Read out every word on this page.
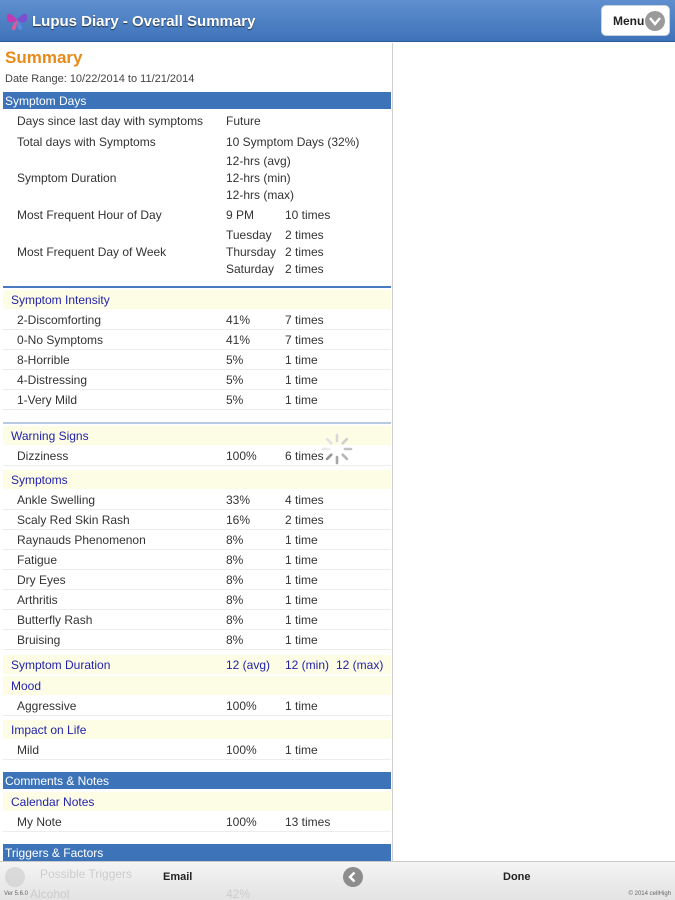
Lupus Diary - Overall Summary	Menu
Summary
Date Range: 10/22/2014 to 11/21/2014
Symptom Days
Days since last day with symptoms Future
Total days with Symptoms	10 Symptom Days (32%)
12-hrs (avg)
Symptom Duration	12-hrs (min)
12-hrs (max)
Most Frequent Hour of Day	9 PM	10 times
Tuesday 2 times
Most Frequent Day of Week	Thursday 2 times
Saturday 2 times
Symptom Intensity
2-Discomforting	41%	7 times
0-No Symptoms	41%	7 times
8-Horrible	5%	1 time
4-Distressing	5%	1 time
1-Very Mild	5%	1 time
Warning Signs
Dizziness	100% 6 times
Symptoms
Ankle Swelling	33%	4 times
Scaly Red Skin Rash	16%	2 times
Raynauds Phenomenon	8%	1 time
Fatigue	8%	1 time
Dry Eyes	8%	1 time
Arthritis	8%	1 time
Butterfly Rash	8%	1 time
Bruising	8%	1 time
Symptom Duration	12 (avg) 12 (min) 12 (max)
Mood
Aggressive	100% 1 time
Impact on Life
Mild	100% 1 time
Comments & Notes
Calendar Notes
My Note	100% 13 times
Triggers & Factors
Possible Triggers
Alcohol	42%
Email	Done
Ver 5.6.0	© 2014 cellHigh
